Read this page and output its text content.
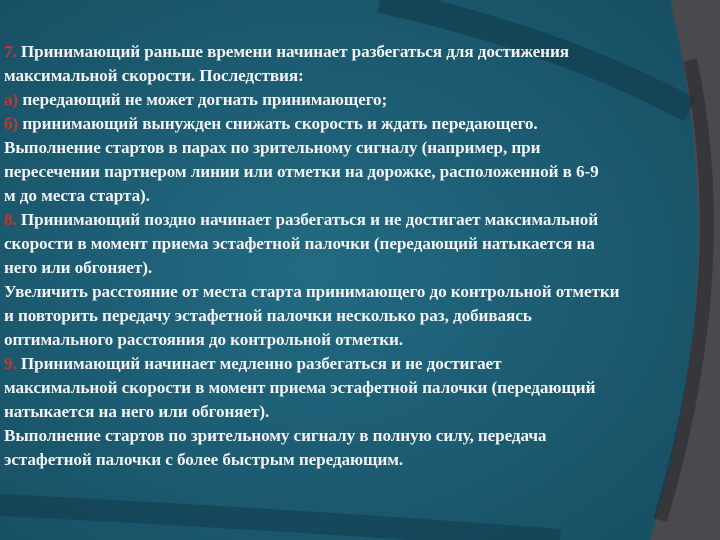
7. Принимающий раньше времени начинает разбегаться для достижения
максимальной скорости. Последствия:
а) передающий не может догнать принимающего;
б) принимающий вынужден снижать скорость и ждать передающего.
Выполнение стартов в парах по зрительному сигналу (например, при
пересечении партнером линии или отметки на дорожке, расположенной в 6-9
м до места старта).
8. Принимающий поздно начинает разбегаться и не достигает максимальной
скорости в момент приема эстафетной палочки (передающий натыкается на
него или обгоняет).
Увеличить расстояние от места старта принимающего до контрольной отметки
и повторить передачу эстафетной палочки несколько раз, добиваясь
оптимального расстояния до контрольной отметки.
9. Принимающий начинает медленно разбегаться и не достигает
максимальной скорости в момент приема эстафетной палочки (передающий
натыкается на него или обгоняет).
Выполнение стартов по зрительному сигналу в полную силу, передача
эстафетной палочки с более быстрым передающим.
